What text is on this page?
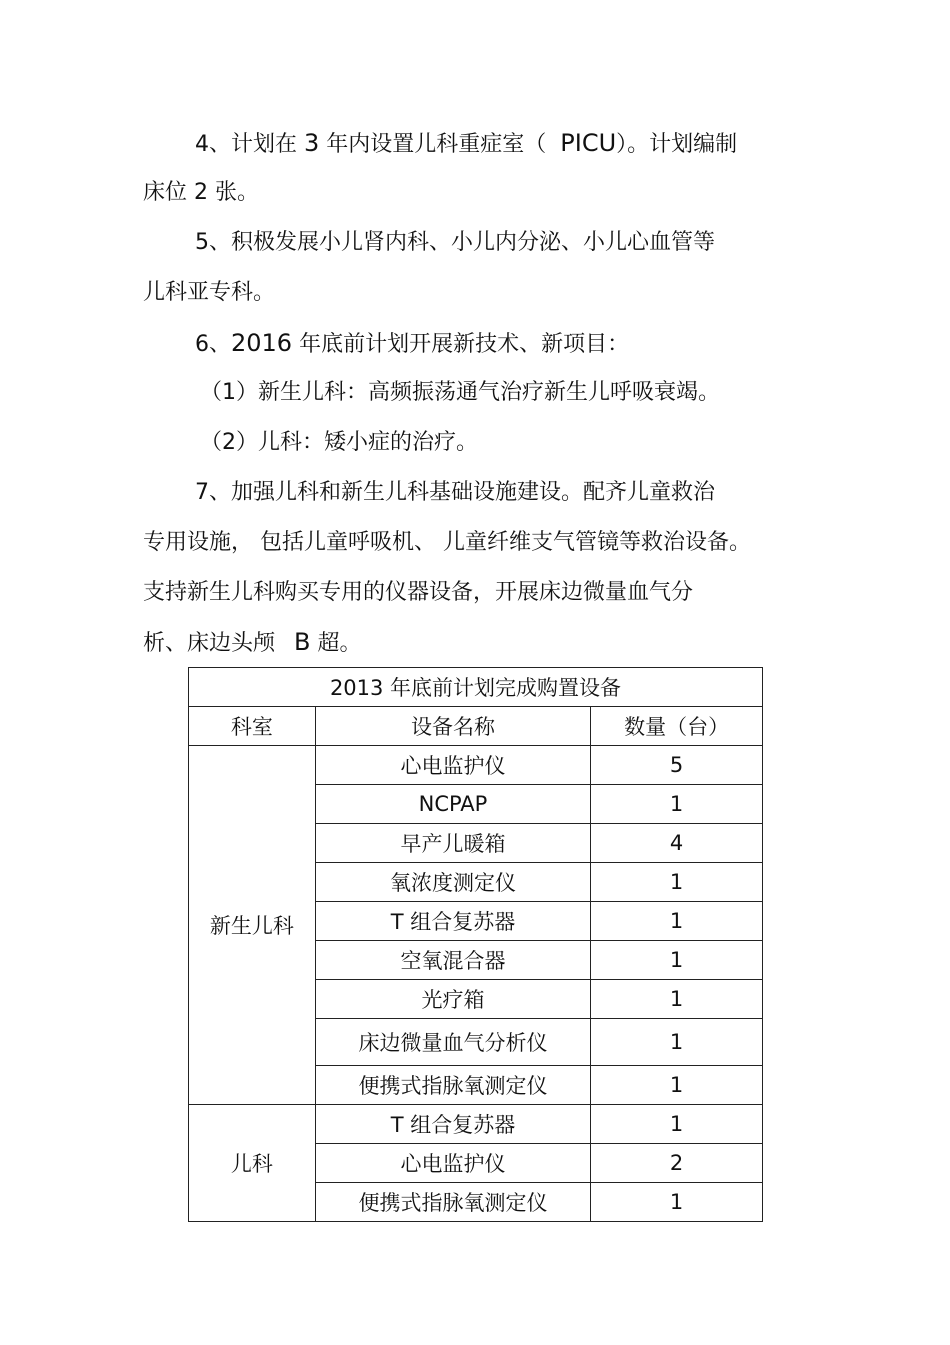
4、计划在 3 年内设置儿科重症室（ PICU）。计划编制
床位 2 张。
5、积极发展小儿肾内科、小儿内分泌、小儿心血管等
儿科亚专科。
6、2016 年底前计划开展新技术、新项目：
（1）新生儿科：高频振荡通气治疗新生儿呼吸衰竭。
（2）儿科：矮小症的治疗。
7、加强儿科和新生儿科基础设施建设。配齐儿童救治
专用设施， 包括儿童呼吸机、 儿童纤维支气管镜等救治设备。
支持新生儿科购买专用的仪器设备，开展床边微量血气分
析、床边头颅 B 超。
2013 年底前计划完成购置设备		
科室	设备名称	数量（台）
新生儿科	心电监护仪	5
	NCPAP	1
	早产儿暖箱	4
	氧浓度测定仪	1
	T 组合复苏器	1
	空氧混合器	1
	光疗箱	1
	床边微量血气分析仪	1
	便携式指脉氧测定仪	1
儿科	T 组合复苏器	1
	心电监护仪	2
	便携式指脉氧测定仪	1
